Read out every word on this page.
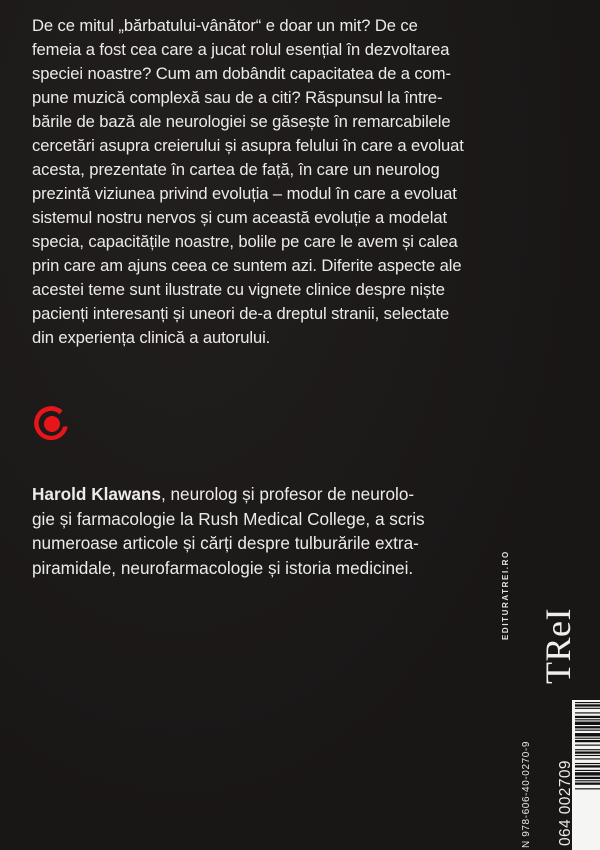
De ce mitul „bărbatului-vânător“ e doar un mit? De ce
femeia a fost cea care a jucat rolul esențial în dezvoltarea
speciei noastre? Cum am dobândit capacitatea de a com-
pune muzică complexă sau de a citi? Răspunsul la între-
bările de bază ale neurologiei se găsește în remarcabilele
cercetări asupra creierului și asupra felului în care a evoluat
acesta, prezentate în cartea de față, în care un neurolog
prezintă viziunea privind evoluția – modul în care a evoluat
sistemul nostru nervos și cum această evoluție a modelat
specia, capacitățile noastre, bolile pe care le avem și calea
prin care am ajuns ceea ce suntem azi. Diferite aspecte ale
acestei teme sunt ilustrate cu vignete clinice despre niște
pacienți interesanți și uneori de-a dreptul stranii, selectate
din experiența clinică a autorului.
Harold Klawans, neurolog și profesor de neurolo-
gie și farmacologie la Rush Medical College, a scris
numeroase articole și cărți despre tulburările extra-
piramidale, neurofarmacologie și istoria medicinei.	EDITURATREI.RO
TReI
N 978-606-40-0270-9 064 002709
